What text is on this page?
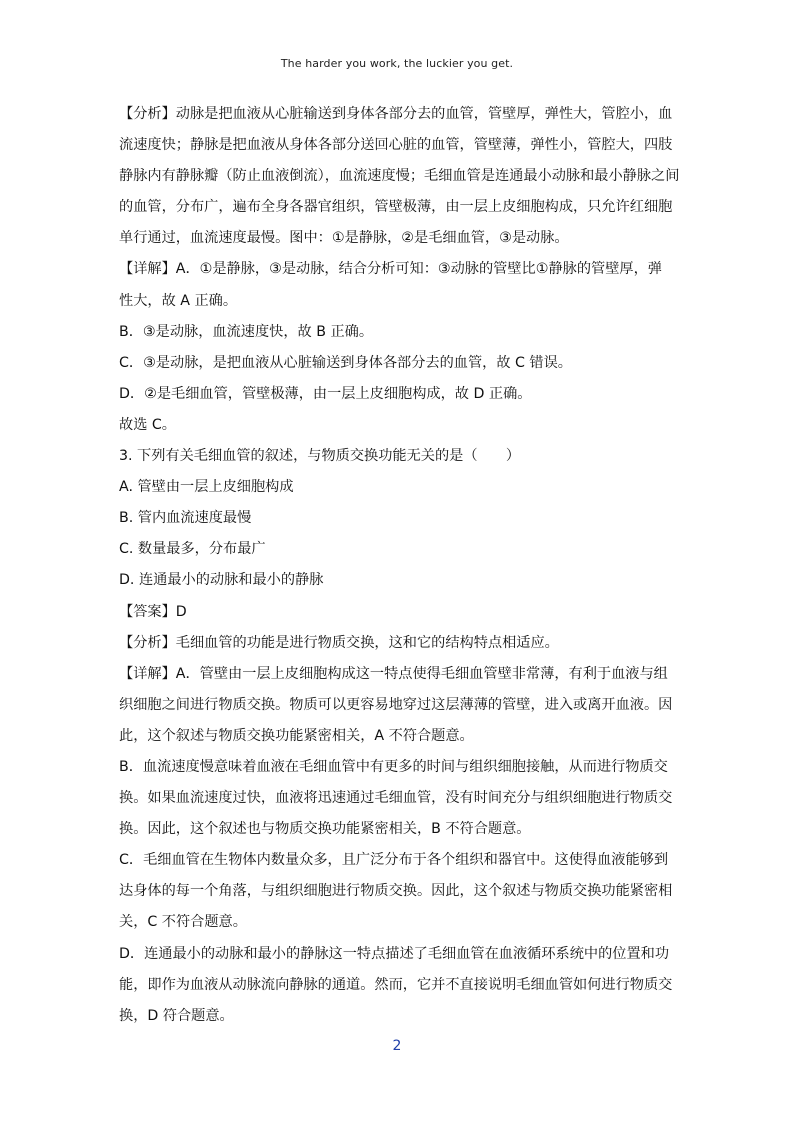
The harder you work, the luckier you get.
【分析】动脉是把血液从心脏输送到身体各部分去的血管，管壁厚，弹性大，管腔小，血
流速度快；静脉是把血液从身体各部分送回心脏的血管，管壁薄，弹性小，管腔大，四肢
静脉内有静脉瓣（防止血液倒流），血流速度慢；毛细血管是连通最小动脉和最小静脉之间
的血管，分布广，遍布全身各器官组织，管壁极薄，由一层上皮细胞构成，只允许红细胞
单行通过，血流速度最慢。图中：①是静脉，②是毛细血管，③是动脉。
【详解】A．①是静脉，③是动脉，结合分析可知：③动脉的管壁比①静脉的管壁厚，弹
性大，故 A 正确。
B．③是动脉，血流速度快，故 B 正确。
C．③是动脉，是把血液从心脏输送到身体各部分去的血管，故 C 错误。
D．②是毛细血管，管壁极薄，由一层上皮细胞构成，故 D 正确。
故选 C。
3. 下列有关毛细血管的叙述，与物质交换功能无关的是（　　）
A. 管壁由一层上皮细胞构成
B. 管内血流速度最慢
C. 数量最多，分布最广
D. 连通最小的动脉和最小的静脉
【答案】D
【分析】毛细血管的功能是进行物质交换，这和它的结构特点相适应。
【详解】A．管壁由一层上皮细胞构成这一特点使得毛细血管壁非常薄，有利于血液与组
织细胞之间进行物质交换。物质可以更容易地穿过这层薄薄的管壁，进入或离开血液。因
此，这个叙述与物质交换功能紧密相关，A 不符合题意。
B．血流速度慢意味着血液在毛细血管中有更多的时间与组织细胞接触，从而进行物质交
换。如果血流速度过快，血液将迅速通过毛细血管，没有时间充分与组织细胞进行物质交
换。因此，这个叙述也与物质交换功能紧密相关，B 不符合题意。
C．毛细血管在生物体内数量众多，且广泛分布于各个组织和器官中。这使得血液能够到
达身体的每一个角落，与组织细胞进行物质交换。因此，这个叙述与物质交换功能紧密相
关，C 不符合题意。
D．连通最小的动脉和最小的静脉这一特点描述了毛细血管在血液循环系统中的位置和功
能，即作为血液从动脉流向静脉的通道。然而，它并不直接说明毛细血管如何进行物质交
换，D 符合题意。
2
